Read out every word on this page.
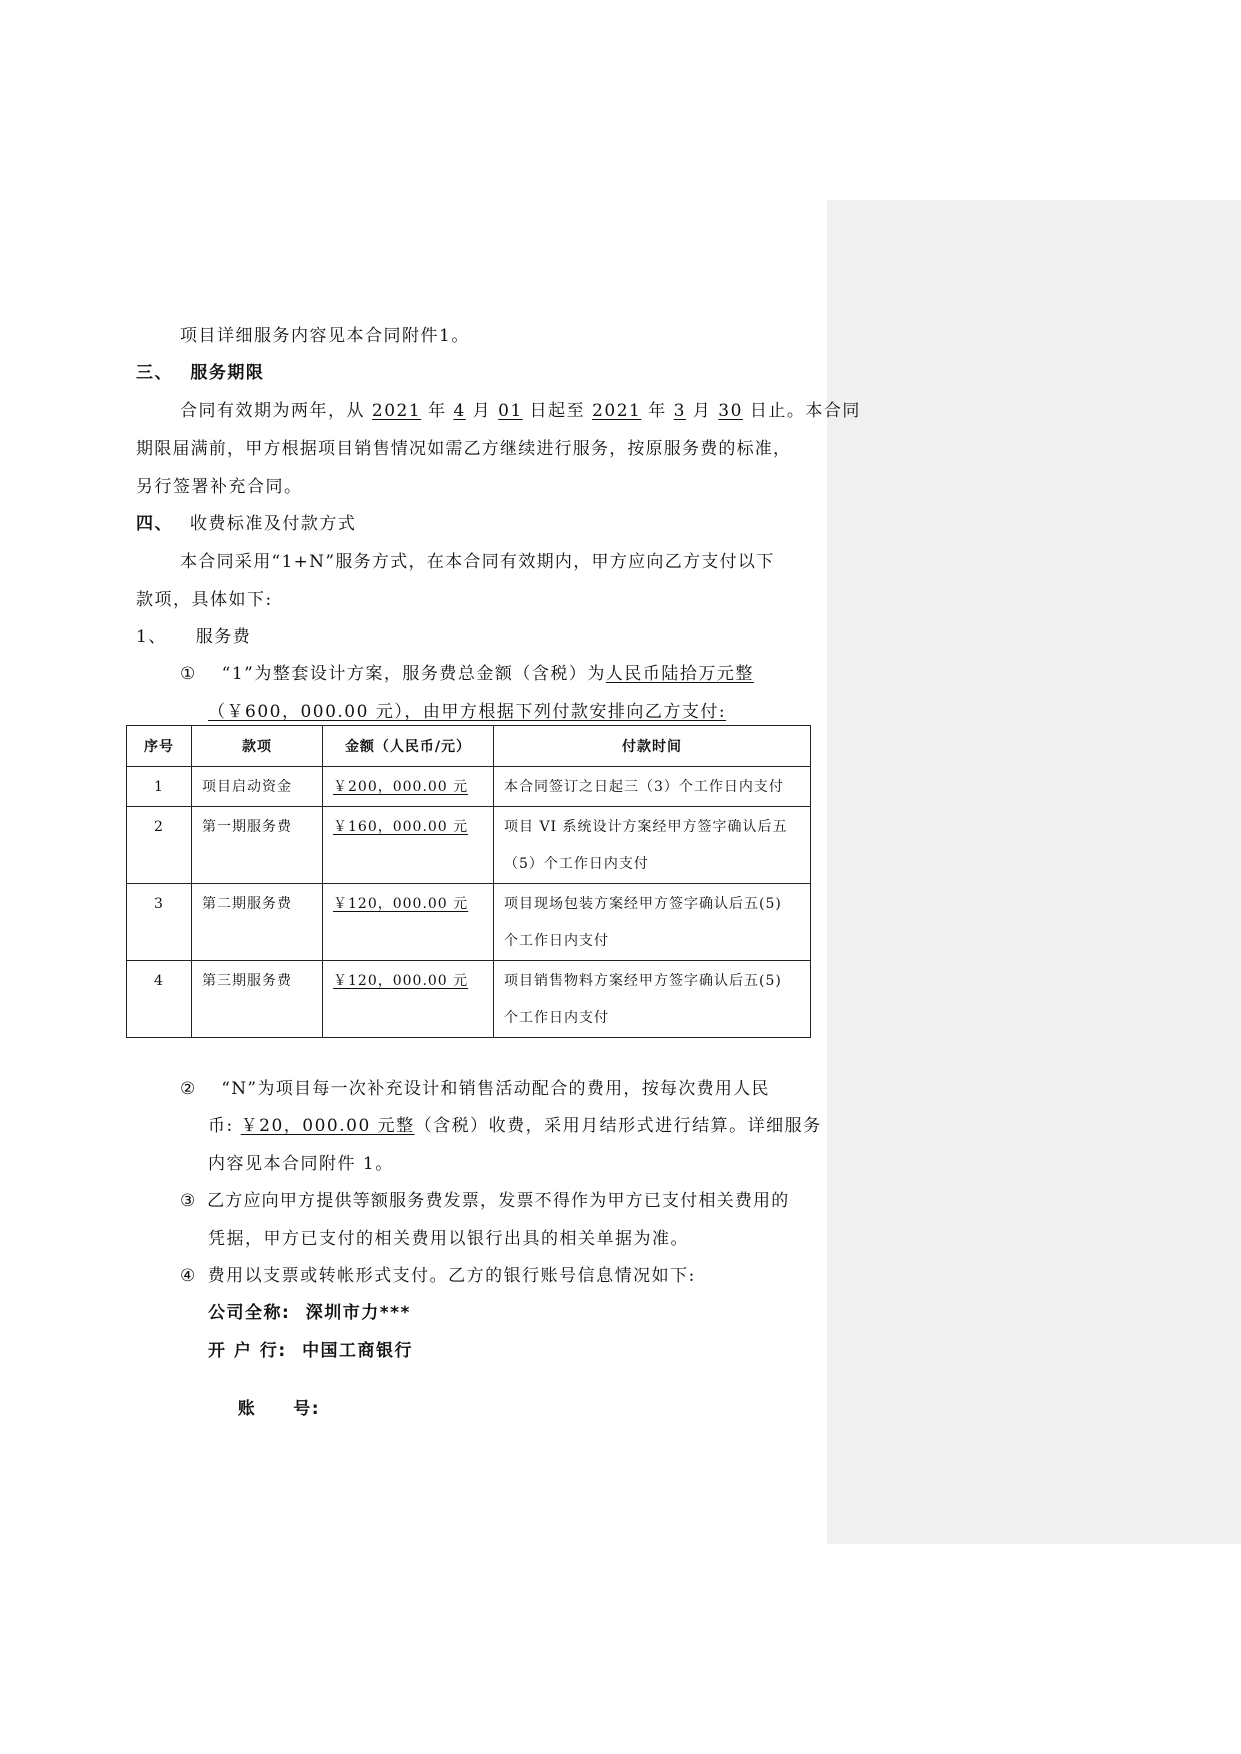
项目详细服务内容见本合同附件1。
三、 服务期限
合同有效期为两年，从 2021 年 4 月 01 日起至 2021 年 3 月 30 日止。本合同
期限届满前，甲方根据项目销售情况如需乙方继续进行服务，按原服务费的标准，
另行签署补充合同。
四、 收费标准及付款方式
本合同采用“1+N”服务方式，在本合同有效期内，甲方应向乙方支付以下
款项，具体如下:
1、 服务费
① “1”为整套设计方案，服务费总金额（含税）为人民币陆拾万元整
（￥600，000.00 元），由甲方根据下列付款安排向乙方支付:
序号	款项	金额（人民币/元）	付款时间
1	项目启动资金	￥200，000.00 元	本合同签订之日起三（3）个工作日内支付

2	第一期服务费	￥160，000.00 元	项目 VI 系统设计方案经甲方签字确认后五
（5）个工作日内支付

3	第二期服务费	￥120，000.00 元	项目现场包装方案经甲方签字确认后五(5)
个工作日内支付

4	第三期服务费	￥120，000.00 元	项目销售物料方案经甲方签字确认后五(5)
个工作日内支付
② “N”为项目每一次补充设计和销售活动配合的费用，按每次费用人民
币: ￥20，000.00 元整（含税）收费，采用月结形式进行结算。详细服务
内容见本合同附件 1。
③ 乙方应向甲方提供等额服务费发票，发票不得作为甲方已支付相关费用的
凭据，甲方已支付的相关费用以银行出具的相关单据为准。
④ 费用以支票或转帐形式支付。乙方的银行账号信息情况如下:
公司全称: 深圳市力***
开 户 行: 中国工商银行

账     号:
